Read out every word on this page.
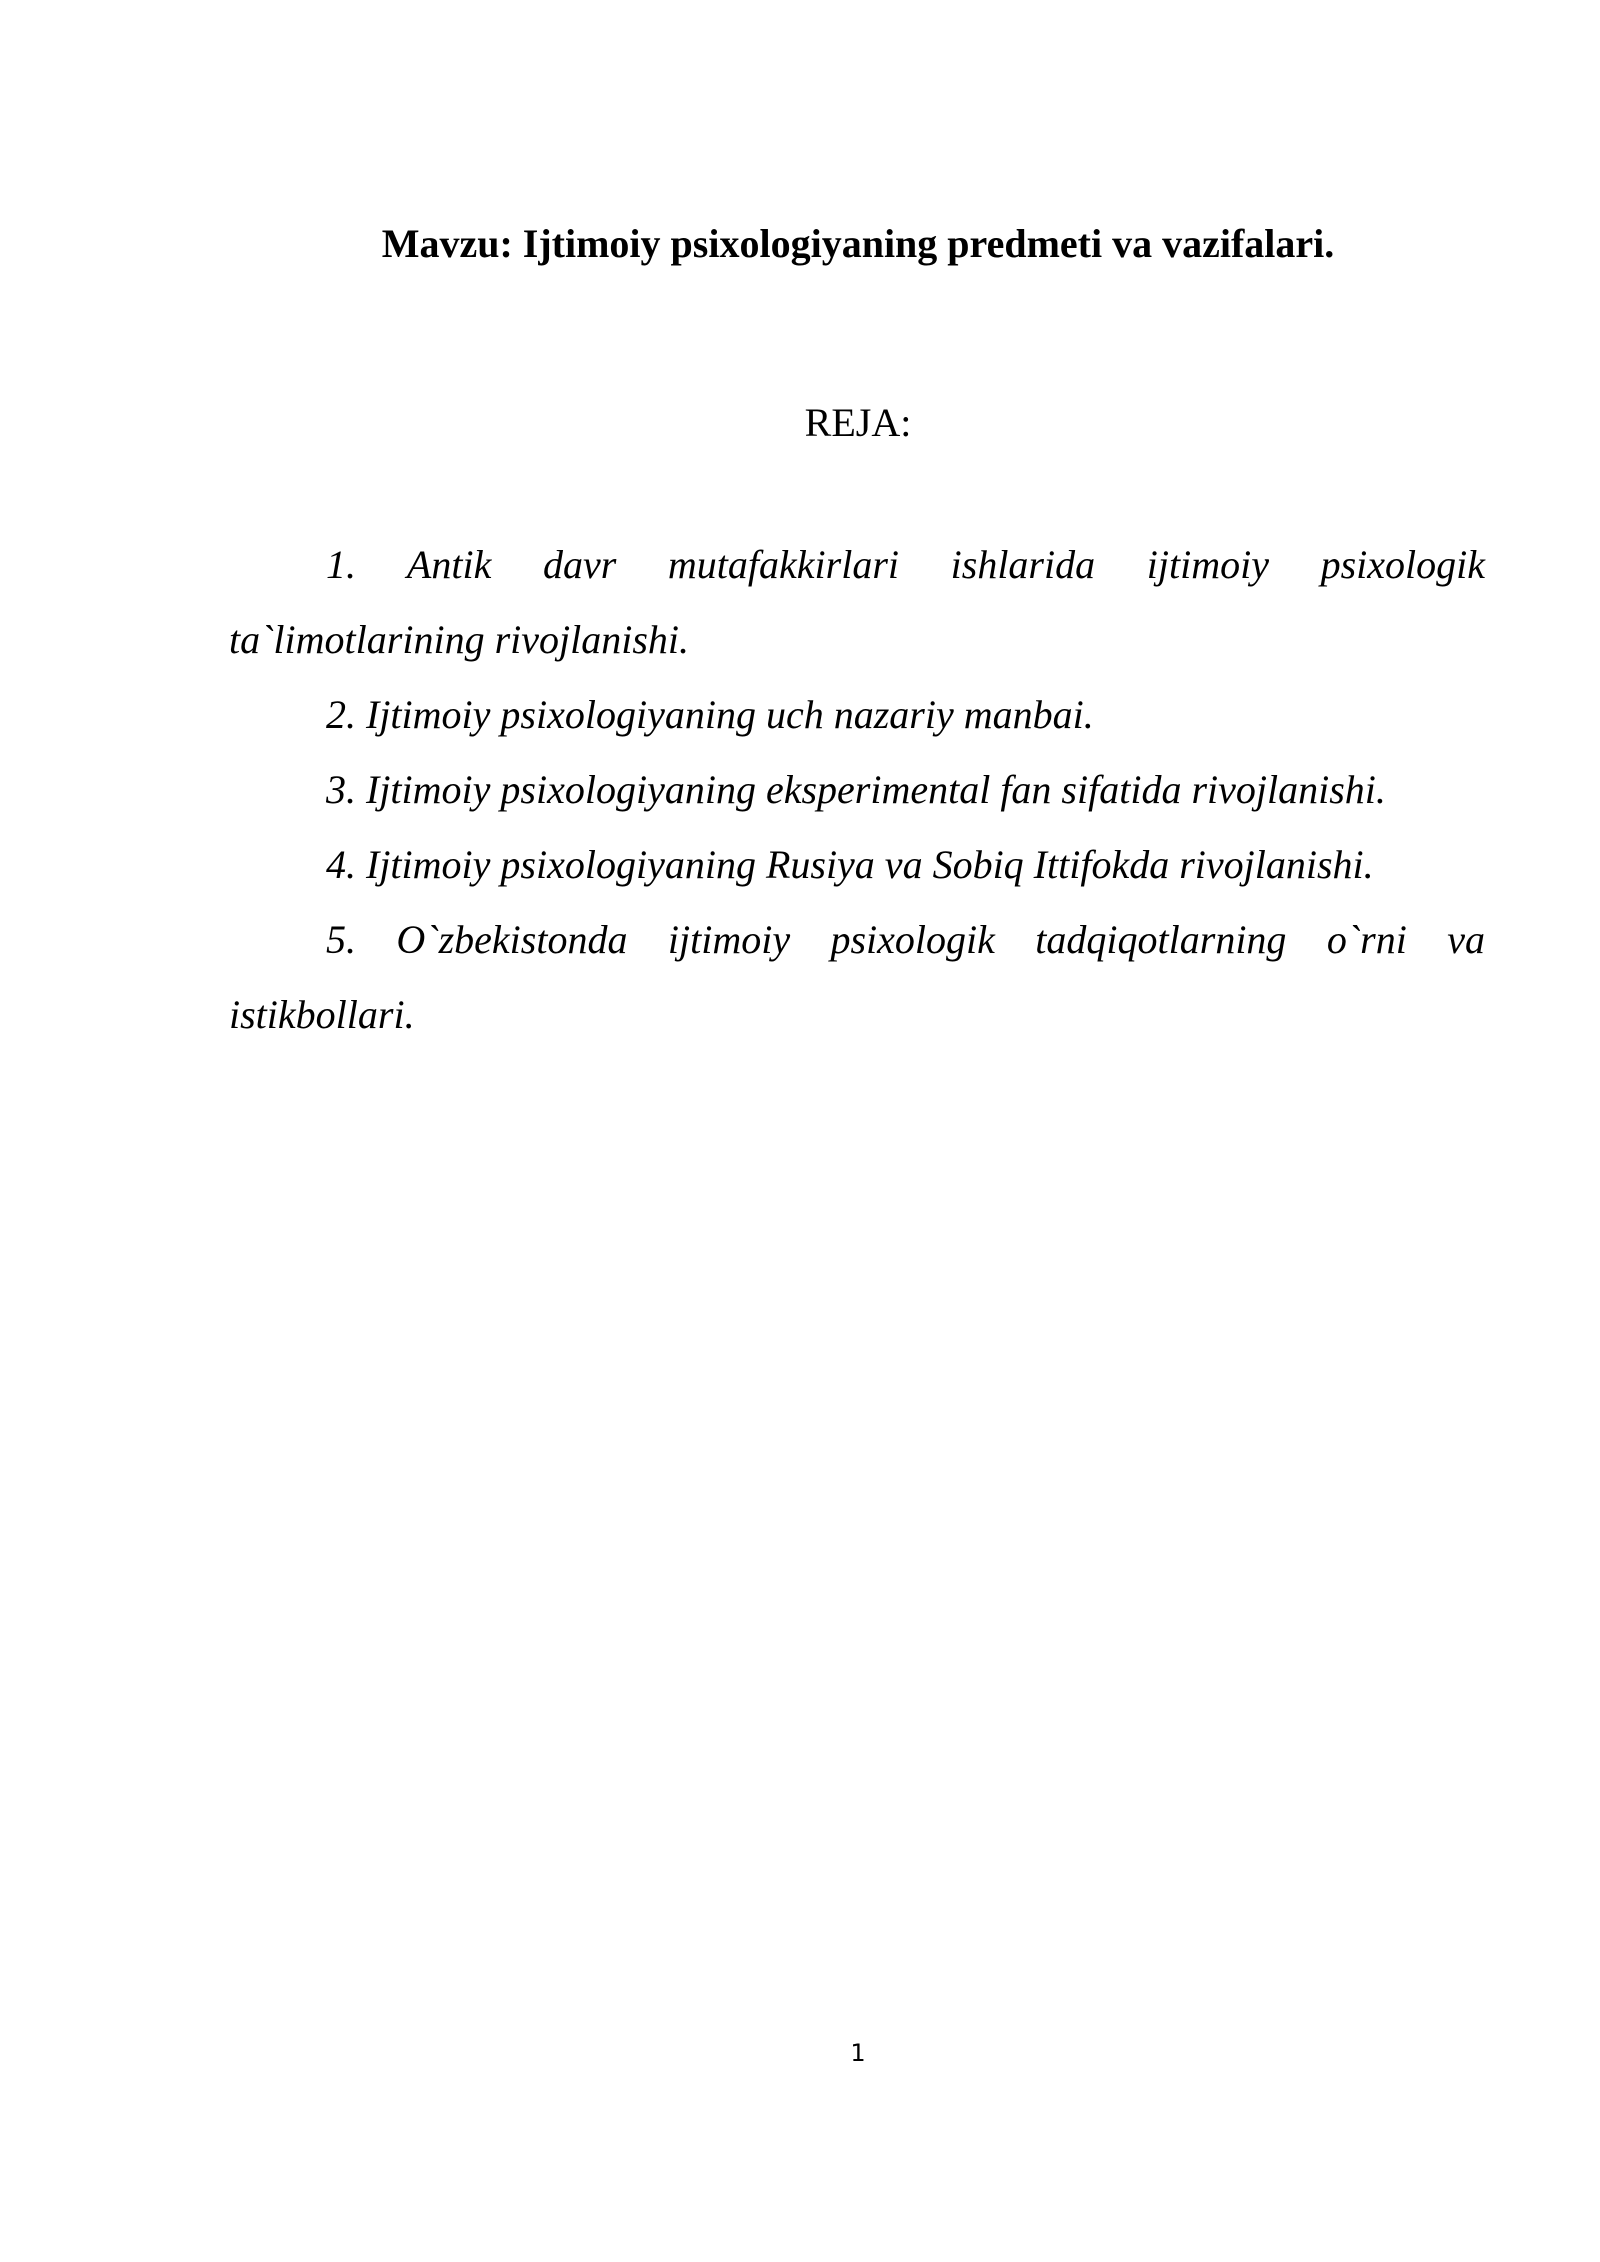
Mavzu: Ijtimoiy psixologiyaning predmeti va vazifalari.
REJA:

1. Antik davr mutafakkirlari ishlarida ijtimoiy psixologik ta`limotlarining rivojlanishi.

2. Ijtimoiy psixologiyaning uch nazariy manbai.

3. Ijtimoiy psixologiyaning eksperimental fan sifatida rivojlanishi.

4. Ijtimoiy psixologiyaning Rusiya va Sobiq Ittifokda rivojlanishi.

5. O`zbekistonda ijtimoiy psixologik tadqiqotlarning o`rni va istikbollari.

1
